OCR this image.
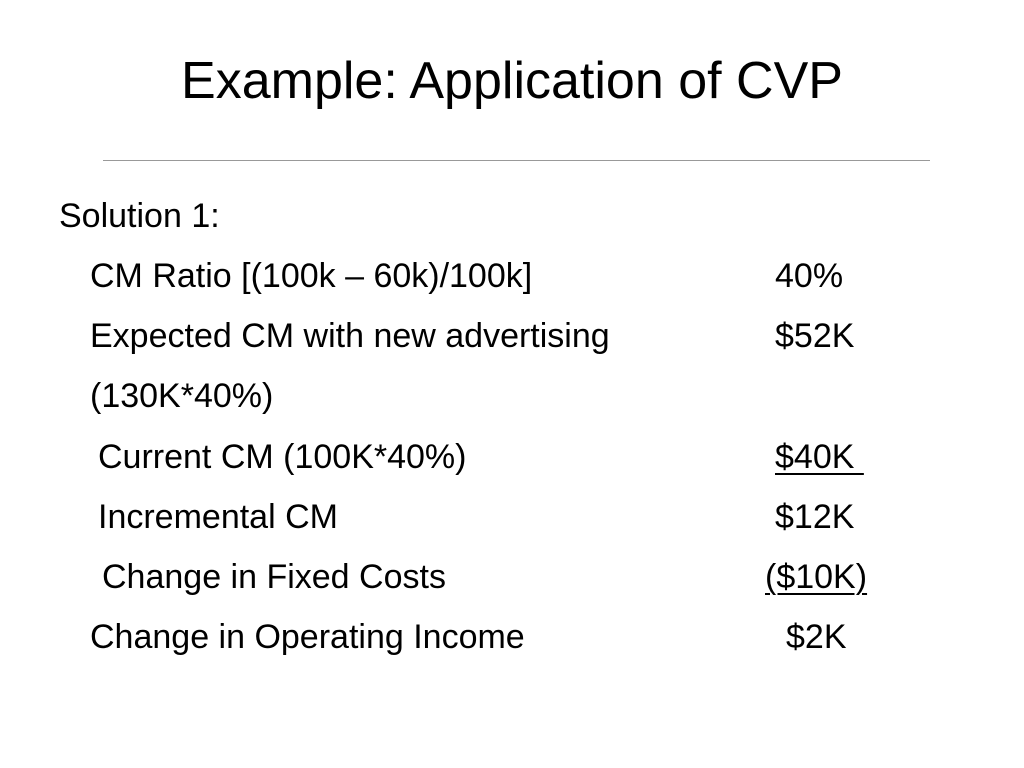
Example: Application of CVP
Solution 1:
CM Ratio [(100k – 60k)/100k]	40%
Expected CM with new advertising	$52K
(130K*40%)
Current CM (100K*40%)	$40K
Incremental CM	$12K
Change in Fixed Costs	($10K)
Change in Operating Income	$2K
